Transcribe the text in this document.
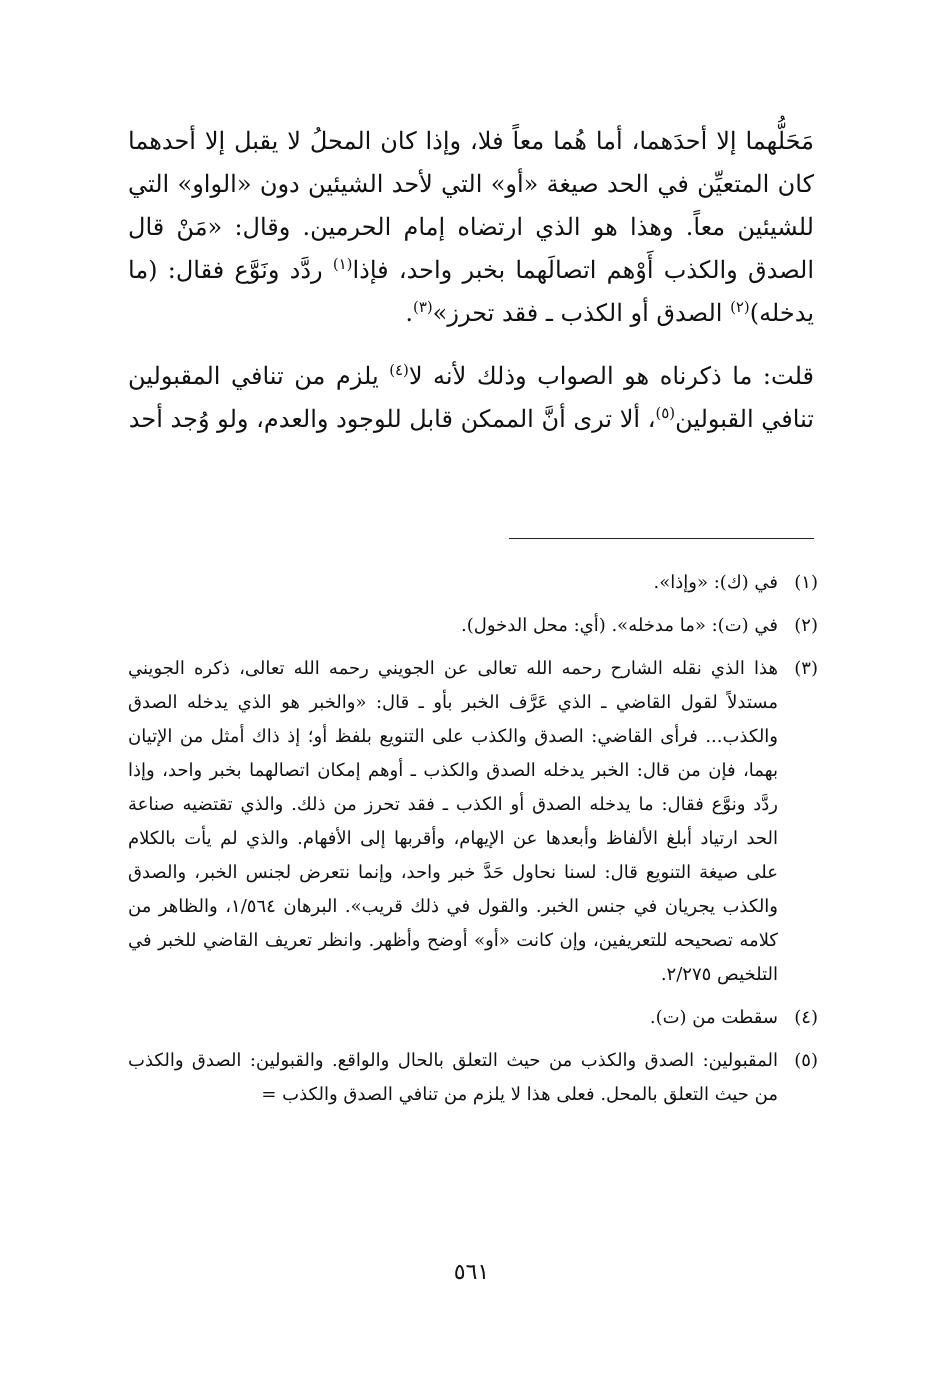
مَحَلُّهما إلا أحدَهما، أما هُما معاً فلا، وإذا كان المحلُ لا يقبل إلا أحدهما كان المتعيِّن في الحد صيغة «أو» التي لأحد الشيئين دون «الواو» التي للشيئين معاً. وهذا هو الذي ارتضاه إمام الحرمين. وقال: «مَنْ قال الصدق والكذب أَوْهم اتصالَهما بخبر واحد، فإذا$^{(١)}$ ردَّد ونَوَّع فقال: (ما يدخله)$^{(٢)}$ الصدق أو الكذب ـ فقد تحرز»$^{(٣)}$.

قلت: ما ذكرناه هو الصواب وذلك لأنه لا$^{(٤)}$ يلزم من تنافي المقبولين تنافي القبولين$^{(٥)}$، ألا ترى أنَّ الممكن قابل للوجود والعدم، ولو وُجد أحد

(١)
في (ك): «وإذا».
(٢)
في (ت): «ما مدخله». (أي: محل الدخول).
(٣)
هذا الذي نقله الشارح رحمه الله تعالى عن الجويني رحمه الله تعالى، ذكره الجويني مستدلاً لقول القاضي ـ الذي عَرَّف الخبر بأو ـ قال: «والخبر هو الذي يدخله الصدق والكذب... فرأى القاضي: الصدق والكذب على التنويع بلفظ أو؛ إذ ذاك أمثل من الإتيان بهما، فإن من قال: الخبر يدخله الصدق والكذب ـ أوهم إمكان اتصالهما بخبر واحد، وإذا ردَّد ونوَّع فقال: ما يدخله الصدق أو الكذب ـ فقد تحرز من ذلك. والذي تقتضيه صناعة الحد ارتياد أبلغ الألفاظ وأبعدها عن الإيهام، وأقربها إلى الأفهام. والذي لم يأت بالكلام على صيغة التنويع قال: لسنا نحاول حَدَّ خبر واحد، وإنما نتعرض لجنس الخبر، والصدق والكذب يجريان في جنس الخبر. والقول في ذلك قريب». البرهان ١/٥٦٤، والظاهر من كلامه تصحيحه للتعريفين، وإن كانت «أو» أوضح وأظهر. وانظر تعريف القاضي للخبر في التلخيص ٢/٢٧٥.
(٤)
سقطت من (ت).
(٥)
المقبولين: الصدق والكذب من حيث التعلق بالحال والواقع. والقبولين: الصدق والكذب من حيث التعلق بالمحل. فعلى هذا لا يلزم من تنافي الصدق والكذب =
٥٦١
